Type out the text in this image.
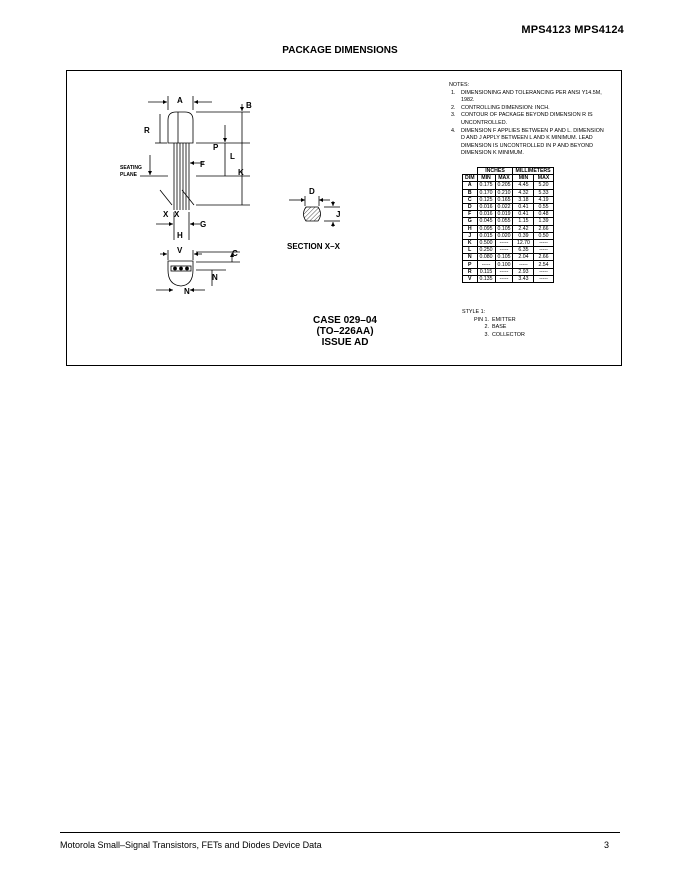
MPS4123 MPS4124
PACKAGE DIMENSIONS
A
B
R
P
F
L
K
X X
G
H
V	C
N
N
D
J
SECTION X–X
SEATING
PLANE
NOTES:
1. DIMENSIONING AND TOLERANCING PER ANSI Y14.5M, 1982.
2. CONTROLLING DIMENSION: INCH.
3. CONTOUR OF PACKAGE BEYOND DIMENSION R IS UNCONTROLLED.
4. DIMENSION F APPLIES BETWEEN P AND L. DIMENSION D AND J APPLY BETWEEN L AND K MINIMUM. LEAD DIMENSION IS UNCONTROLLED IN P AND BEYOND DIMENSION K MINIMUM.
	INCHES		MILLIMETERS	
DIM	MIN	MAX	MIN	MAX
A	0.175	0.205	4.45	5.20
B	0.170	0.210	4.32	5.33
C	0.125	0.165	3.18	4.19
D	0.016	0.022	0.41	0.55
F	0.016	0.019	0.41	0.48
G	0.045	0.055	1.15	1.39
H	0.095	0.105	2.42	2.66
J	0.015	0.020	0.39	0.50
K	0.500	-----	12.70	-----
L	0.250	-----	6.35	-----
N	0.080	0.105	2.04	2.66
P	-----	0.100	-----	2.54
R	0.115	-----	2.93	-----
V	0.135	-----	3.43	-----
CASE 029–04
(TO–226AA)
ISSUE AD
STYLE 1:
PIN 1. EMITTER
2. BASE
3. COLLECTOR
Motorola Small–Signal Transistors, FETs and Diodes Device Data	3
